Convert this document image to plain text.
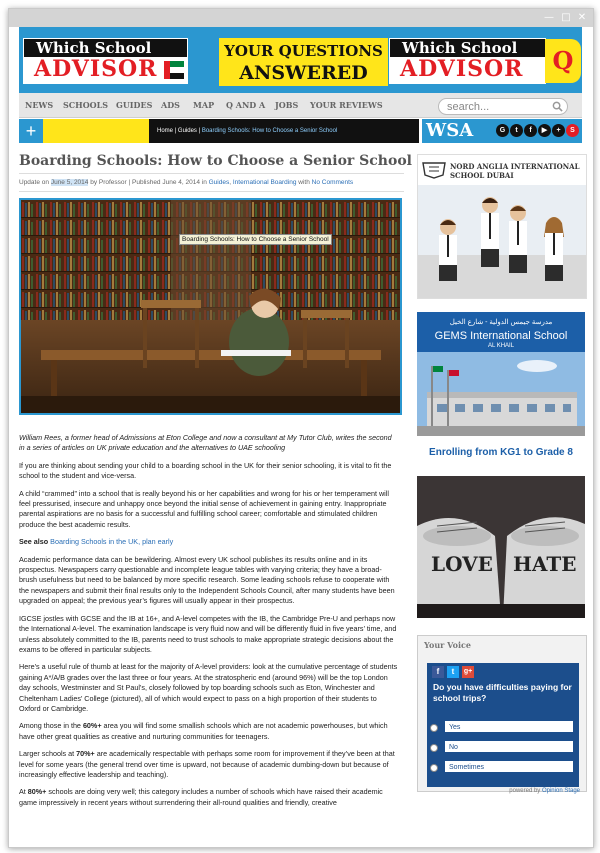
— □ ✕
Which School
ADVISOR
YOUR QUESTIONS
ANSWERED
Which School
ADVISOR	Q
NEWS SCHOOLS GUIDES ADS MAP Q AND A JOBS YOUR REVIEWS	search...
+	Home | Guides | Boarding Schools: How to Choose a Senior School	WSA	G	t	f	▶	+	S
Boarding Schools: How to Choose a Senior School
Update on June 5, 2014 by Professor | Published June 4, 2014 in Guides, International Boarding with No Comments
Boarding Schools: How to Choose a Senior School

William Rees, a former head of Admissions at Eton College and now a consultant at My Tutor Club, writes the second in a series of articles on UK private education and the alternatives to UAE schooling

If you are thinking about sending your child to a boarding school in the UK for their senior schooling, it is vital to fit the school to the student and vice-versa.

A child “crammed” into a school that is really beyond his or her capabilities and wrong for his or her temperament will feel pressurised, insecure and unhappy once beyond the initial sense of achievement in gaining entry. Inappropriate parental aspirations are no basis for a successful and fulfilling school career; comfortable and stimulated children produce the best academic results.

See also Boarding Schools in the UK, plan early

Academic performance data can be bewildering. Almost every UK school publishes its results online and in its prospectus. Newspapers carry questionable and incomplete league tables with varying criteria; they have a broad-brush usefulness but need to be balanced by more specific research. Some leading schools refuse to cooperate with the newspapers and submit their final results only to the Independent Schools Council, after many students have been upgraded on appeal; the previous year’s figures will usually appear in their prospectus.

IGCSE jostles with GCSE and the IB at 16+, and A-level competes with the IB, the Cambridge Pre-U and perhaps now the International A-level. The examination landscape is very fluid now and will be differently fluid in five years’ time, and unless absolutely committed to the IB, parents need to trust schools to make appropriate strategic decisions about the exams to be offered in particular subjects.

Here’s a useful rule of thumb at least for the majority of A-level providers: look at the cumulative percentage of students gaining A*/A/B grades over the last three or four years. At the stratospheric end (around 96%) will be the top London day schools, Westminster and St Paul’s, closely followed by top boarding schools such as Eton, Winchester and Cheltenham Ladies’ College (pictured), all of which would expect to pass on a high proportion of their students to Oxford or Cambridge.

Among those in the 60%+ area you will find some smallish schools which are not academic powerhouses, but which have other great qualities as creative and nurturing communities for teenagers.

Larger schools at 70%+ are academically respectable with perhaps some room for improvement if they’ve been at that level for some years (the general trend over time is upward, not because of academic dumbing-down but because of increasingly effective leadership and teaching).

At 80%+ schools are doing very well; this category includes a number of schools which have raised their academic game impressively in recent years without surrendering their all-round qualities and friendly, creative

NORD ANGLIA INTERNATIONAL SCHOOL DUBAI
مدرسة جيمس الدولية - شارع الخيل
GEMS International School
AL KHAIL
Enrolling from KG1 to Grade 8
LOVE HATE
Your Voice
f	t	g+
Do you have difficulties paying for school trips?
Yes
No
Sometimes
powered by Opinion Stage
